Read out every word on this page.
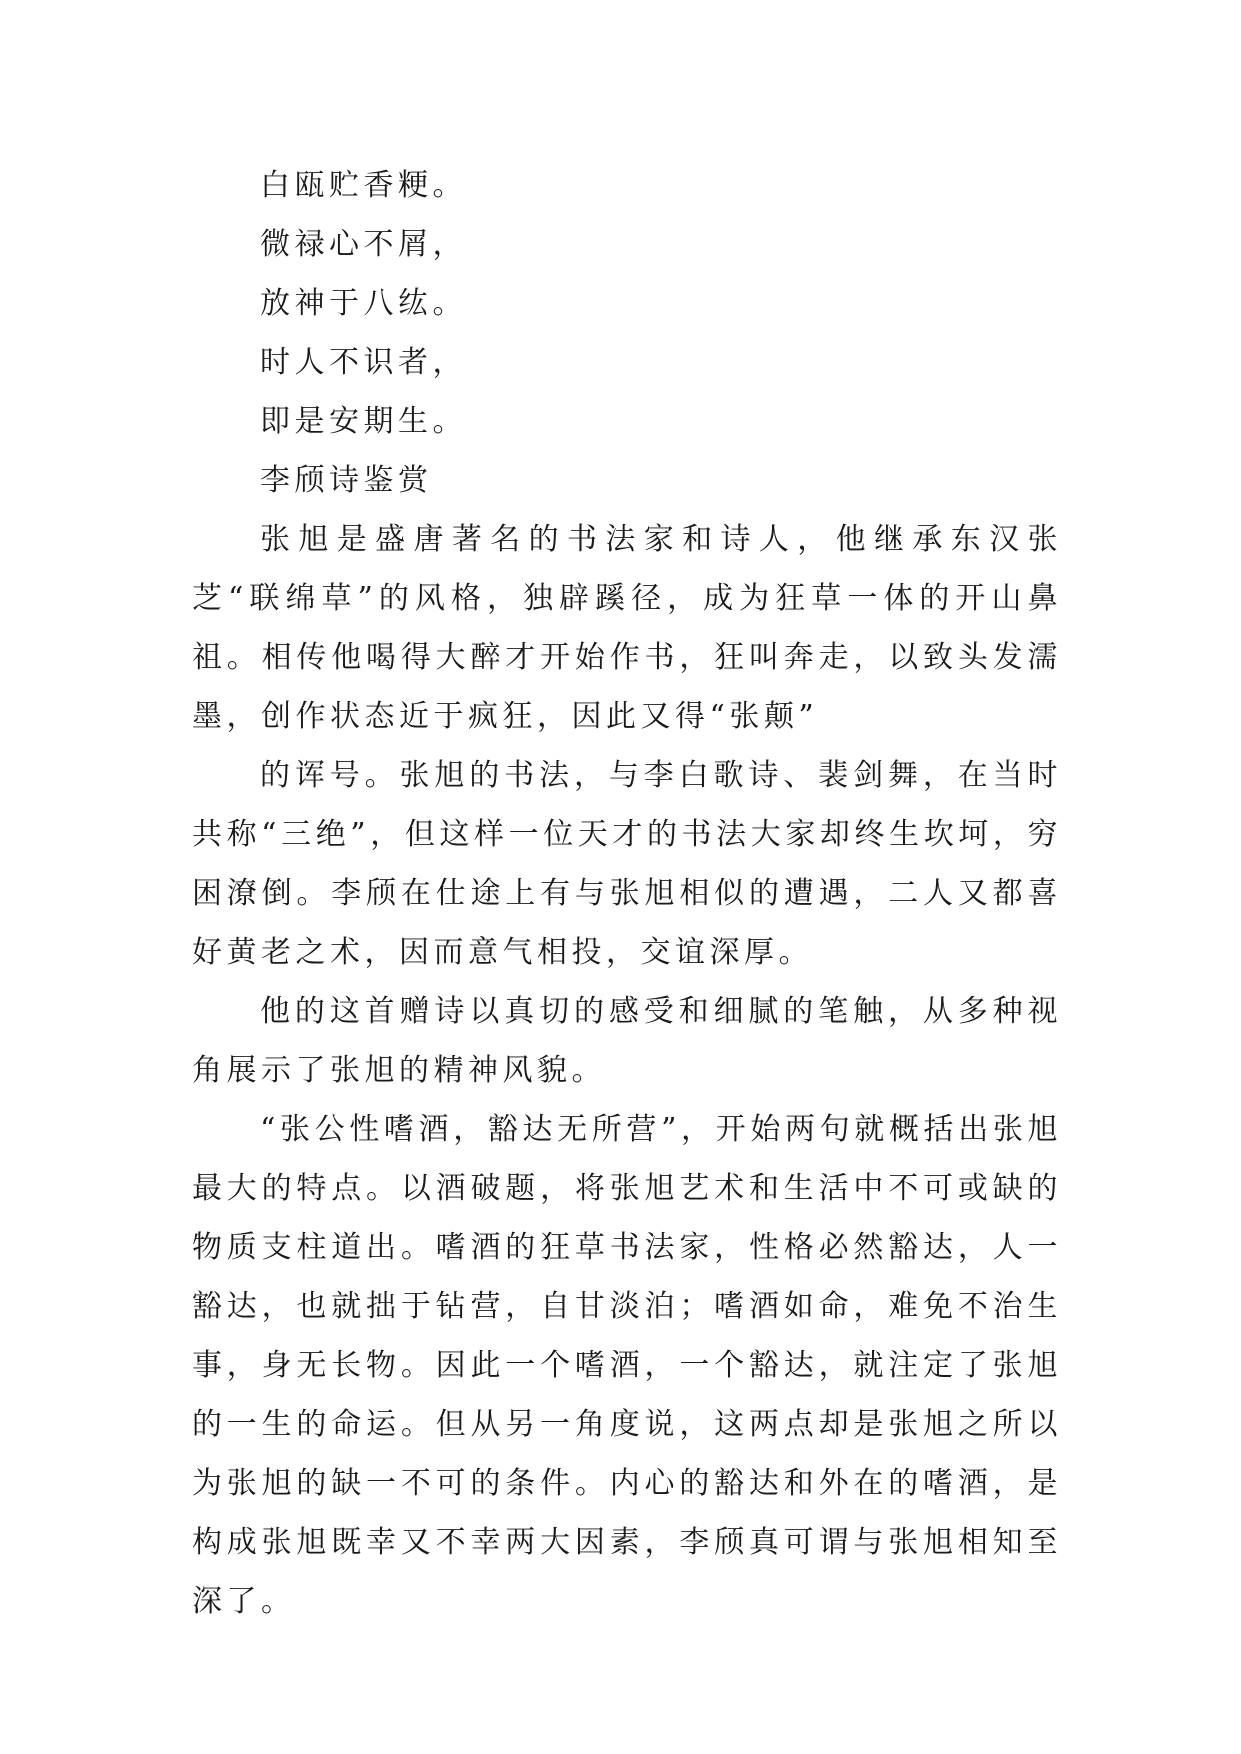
白瓯贮香粳。

微禄心不屑，

放神于八纮。

时人不识者，

即是安期生。

李颀诗鉴赏

张旭是盛唐著名的书法家和诗人，他继承东汉张芝“联绵草”的风格，独辟蹊径，成为狂草一体的开山鼻祖。相传他喝得大醉才开始作书，狂叫奔走，以致头发濡墨，创作状态近于疯狂，因此又得“张颠”

的诨号。张旭的书法，与李白歌诗、裴剑舞，在当时共称“三绝”，但这样一位天才的书法大家却终生坎坷，穷困潦倒。李颀在仕途上有与张旭相似的遭遇，二人又都喜好黄老之术，因而意气相投，交谊深厚。

他的这首赠诗以真切的感受和细腻的笔触，从多种视角展示了张旭的精神风貌。

“张公性嗜酒，豁达无所营”，开始两句就概括出张旭最大的特点。以酒破题，将张旭艺术和生活中不可或缺的物质支柱道出。嗜酒的狂草书法家，性格必然豁达，人一豁达，也就拙于钻营，自甘淡泊；嗜酒如命，难免不治生事，身无长物。因此一个嗜酒，一个豁达，就注定了张旭的一生的命运。但从另一角度说，这两点却是张旭之所以为张旭的缺一不可的条件。内心的豁达和外在的嗜酒，是构成张旭既幸又不幸两大因素，李颀真可谓与张旭相知至深了。
